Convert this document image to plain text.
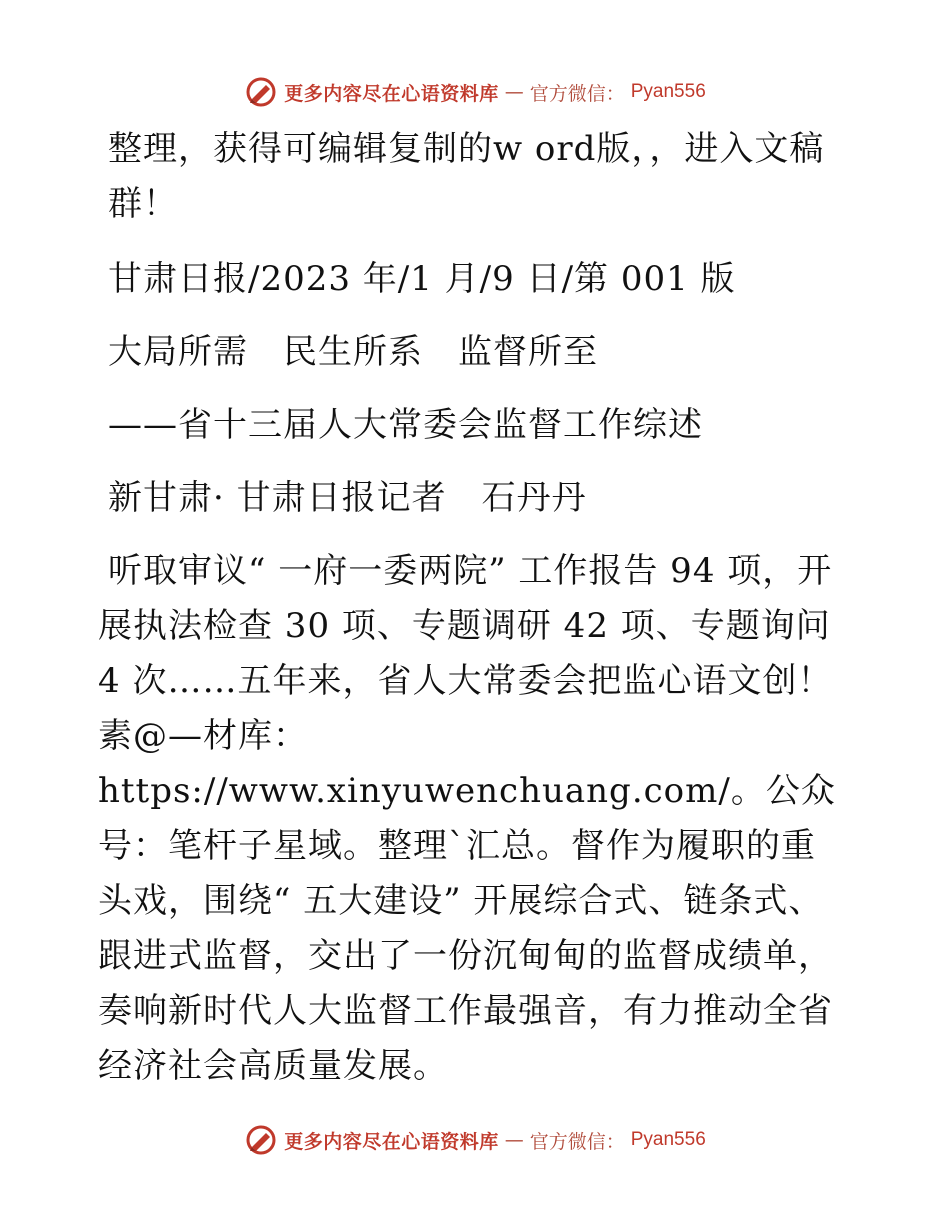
更多内容尽在心语资料库 — 官方微信： Pyan556

整理，获得可编辑复制的w ord版，，进入文稿群！

甘肃日报/2023 年/1 月/9 日/第 001 版

大局所需　民生所系　监督所至

——省十三届人大常委会监督工作综述

新甘肃· 甘肃日报记者　石丹丹

听取审议“ 一府一委两院” 工作报告 94 项，开展执法检查 30 项、专题调研 42 项、专题询问 4 次……五年来，省人大常委会把监心语文创！素@—材库：https://www.xinyuwenchuang.com/。公众号：笔杆子星域。整理`汇总。督作为履职的重头戏，围绕“ 五大建设” 开展综合式、链条式、跟进式监督，交出了一份沉甸甸的监督成绩单，奏响新时代人大监督工作最强音，有力推动全省经济社会高质量发展。

更多内容尽在心语资料库 — 官方微信： Pyan556
